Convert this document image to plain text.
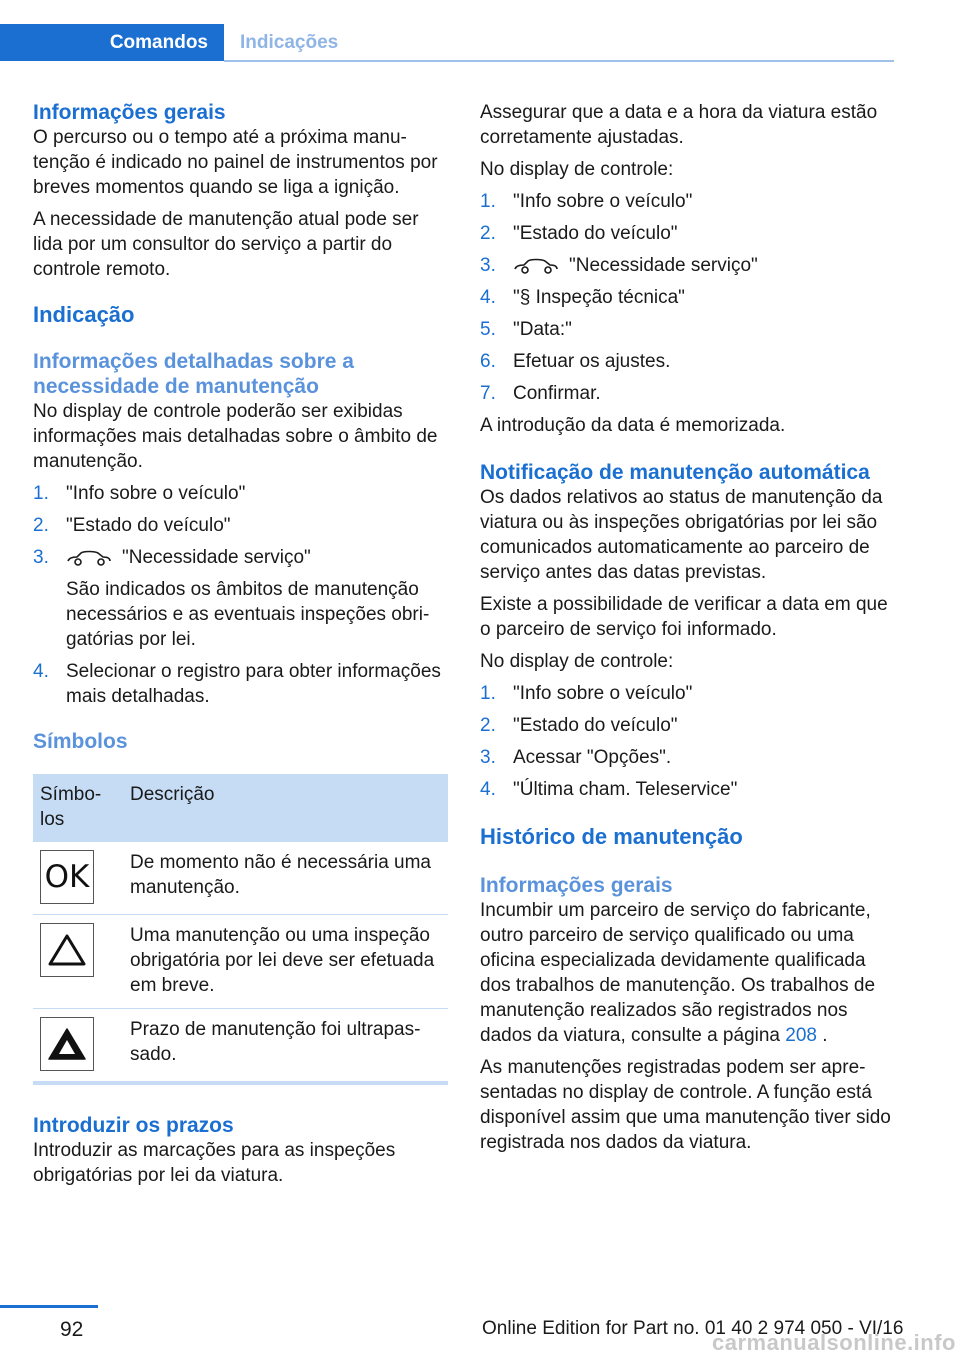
Comandos	Indicações
Informações gerais

O percurso ou o tempo até a próxima manutenção é indicado no painel de instrumentos por breves momentos quando se liga a ignição.

A necessidade de manutenção atual pode ser lida por um consultor do serviço a partir do controle remoto.

Indicação
Informações detalhadas sobre a necessidade de manutenção

No display de controle poderão ser exibidas informações mais detalhadas sobre o âmbito de manutenção.

1. "Info sobre o veículo"
2. "Estado do veículo"
3.	"Necessidade serviço"
São indicados os âmbitos de manutenção necessários e as eventuais inspeções obrigatórias por lei.
4. Selecionar o registro para obter informações mais detalhadas.
Símbolos
Símbolos	Descrição

OK	De momento não é necessária uma manutenção.

	Uma manutenção ou uma inspeção obrigatória por lei deve ser efetuada em breve.

	Prazo de manutenção foi ultrapassado.
Introduzir os prazos

Introduzir as marcações para as inspeções obrigatórias por lei da viatura.

Assegurar que a data e a hora da viatura estão corretamente ajustadas.

No display de controle:

1. "Info sobre o veículo"
2. "Estado do veículo"
3.	"Necessidade serviço"
4. "§ Inspeção técnica"
5. "Data:"
6. Efetuar os ajustes.
7. Confirmar.

A introdução da data é memorizada.

Notificação de manutenção automática

Os dados relativos ao status de manutenção da viatura ou às inspeções obrigatórias por lei são comunicados automaticamente ao parceiro de serviço antes das datas previstas.

Existe a possibilidade de verificar a data em que o parceiro de serviço foi informado.

No display de controle:

1. "Info sobre o veículo"
2. "Estado do veículo"
3. Acessar "Opções".
4. "Última cham. Teleservice"
Histórico de manutenção
Informações gerais

Incumbir um parceiro de serviço do fabricante, outro parceiro de serviço qualificado ou uma oficina especializada devidamente qualificada dos trabalhos de manutenção. Os trabalhos de manutenção realizados são registrados nos dados da viatura, consulte a página 208 .

As manutenções registradas podem ser apresentadas no display de controle. A função está disponível assim que uma manutenção tiver sido registrada nos dados da viatura.

92	Online Edition for Part no. 01 40 2 974 050 - VI/16
carmanualsonline.info
